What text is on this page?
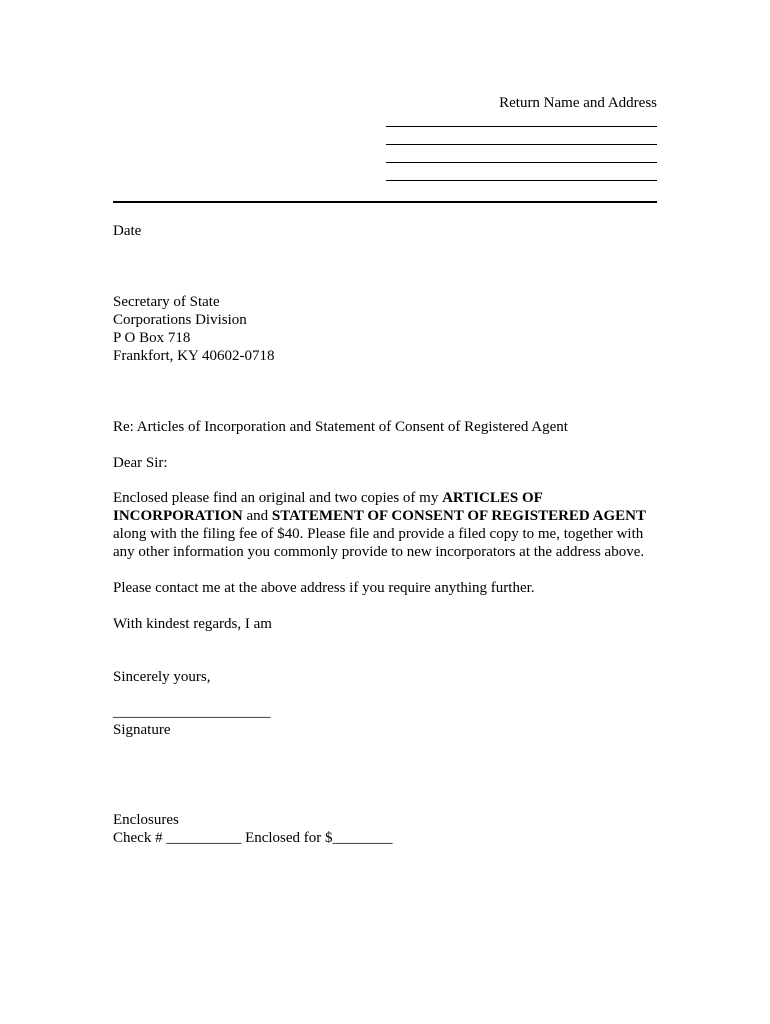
Return Name and Address
Date
Secretary of State
Corporations Division
P O Box 718
Frankfort, KY 40602-0718
Re: Articles of Incorporation and Statement of Consent of Registered Agent
Dear Sir:
Enclosed please find an original and two copies of my ARTICLES OF INCORPORATION and STATEMENT OF CONSENT OF REGISTERED AGENT along with the filing fee of $40. Please file and provide a filed copy to me, together with any other information you commonly provide to new incorporators at the address above.
Please contact me at the above address if you require anything further.
With kindest regards, I am
Sincerely yours,
_____________________
Signature
Enclosures
Check # __________ Enclosed for $________
